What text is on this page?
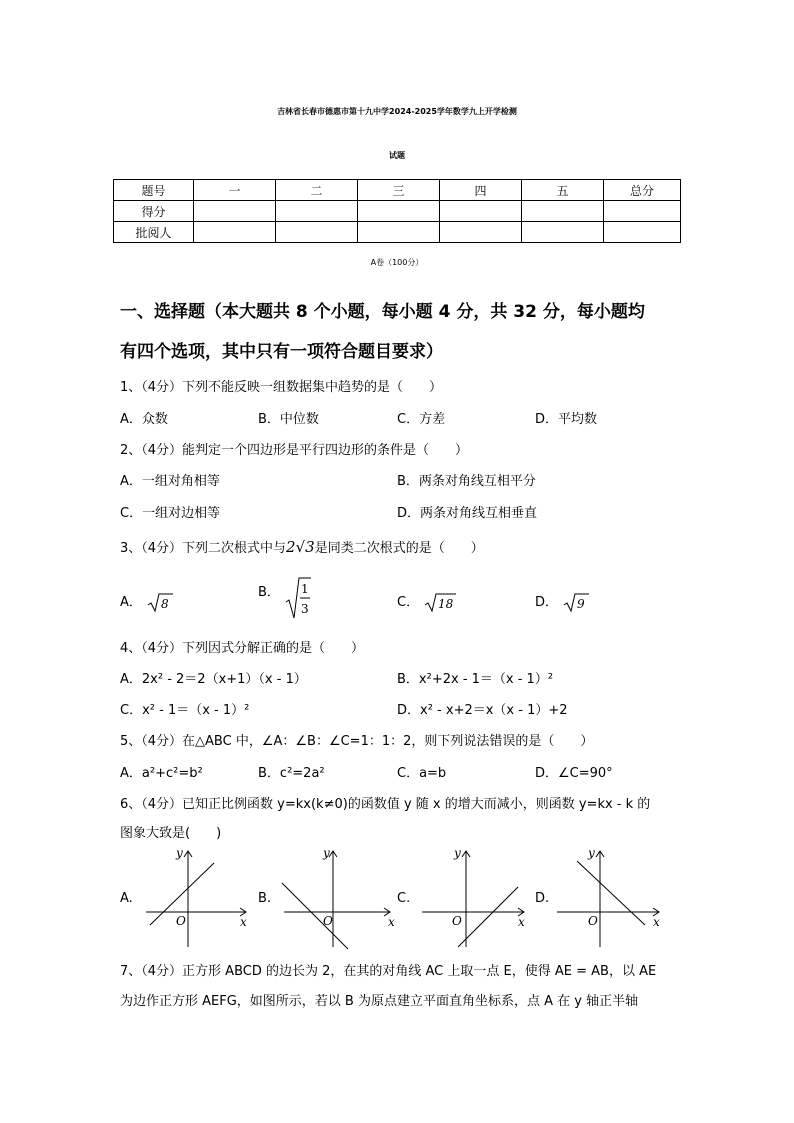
吉林省长春市德惠市第十九中学2024-2025学年数学九上开学检测
试题
题号	一	二	三	四	五	总分
得分						
批阅人						
A卷（100分）
一、选择题（本大题共 8 个小题，每小题 4 分，共 32 分，每小题均
有四个选项，其中只有一项符合题目要求）
1、（4分）下列不能反映一组数据集中趋势的是（　　）
A．众数	B．中位数	C．方差	D．平均数
2、（4分）能判定一个四边形是平行四边形的条件是（　　）
A．一组对角相等	B．两条对角线互相平分
C．一组对边相等	D．两条对角线互相垂直
3、（4分）下列二次根式中与2√3是同类二次根式的是（　　）
A． 8
B． 1
3	C． 18	D． 9
4、（4分）下列因式分解正确的是（　　）
A．2x² - 2＝2（x+1）（x - 1）	B．x²+2x - 1＝（x - 1）²
C．x² - 1＝（x - 1）²	D．x² - x+2＝x（x - 1）+2
5、（4分）在△ABC 中，∠A：∠B：∠C=1：1：2，则下列说法错误的是（　　）
A．a²+c²=b²	B．c²=2a²	C．a=b	D．∠C=90°
6、（4分）已知正比例函数 y=kx(k≠0)的函数值 y 随 x 的增大而减小，则函数 y=kx - k 的
图象大致是(　　)
A.
y
x
O
B.
y
x
O
C.
y
x
O
D.
y
x
O
7、（4分）正方形 ABCD 的边长为 2，在其的对角线 AC 上取一点 E，使得 AE = AB，以 AE
为边作正方形 AEFG，如图所示，若以 B 为原点建立平面直角坐标系，点 A 在 y 轴正半轴
